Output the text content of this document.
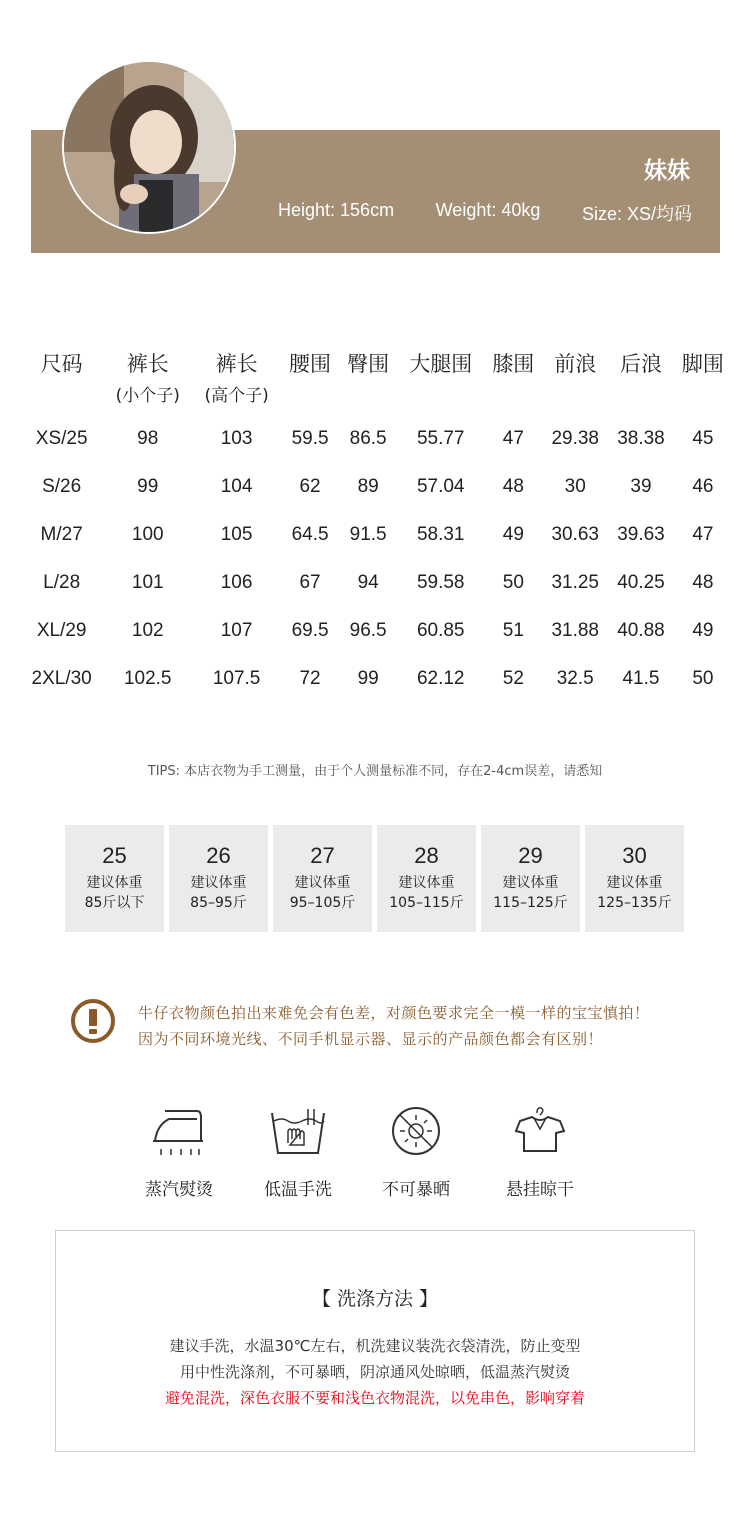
妹妹
Height: 156cm Weight: 40kg Size: XS/均码
尺码	裤长	裤长	腰围	臀围	大腿围	膝围	前浪	后浪	脚围
	(小个子)	(高个子)							
XS/25	98	103	59.5	86.5	55.77	47	29.38	38.38	45
S/26	99	104	62	89	57.04	48	30	39	46
M/27	100	105	64.5	91.5	58.31	49	30.63	39.63	47
L/28	101	106	67	94	59.58	50	31.25	40.25	48
XL/29	102	107	69.5	96.5	60.85	51	31.88	40.88	49
2XL/30	102.5	107.5	72	99	62.12	52	32.5	41.5	50
TIPS: 本店衣物为手工测量，由于个人测量标准不同，存在2-4cm误差，请悉知
25
建议体重
85斤以下
26
建议体重
85–95斤
27
建议体重
95–105斤
28
建议体重
105–115斤
29
建议体重
115–125斤
30
建议体重
125–135斤
牛仔衣物颜色拍出来难免会有色差，对颜色要求完全一模一样的宝宝慎拍！
因为不同环境光线、不同手机显示器、显示的产品颜色都会有区别！
蒸汽熨烫	低温手洗	不可暴晒	悬挂晾干
【 洗涤方法 】
建议手洗，水温30℃左右，机洗建议装洗衣袋清洗，防止变型
用中性洗涤剂，不可暴晒，阴凉通风处晾晒，低温蒸汽熨烫
避免混洗，深色衣服不要和浅色衣物混洗，以免串色，影响穿着
